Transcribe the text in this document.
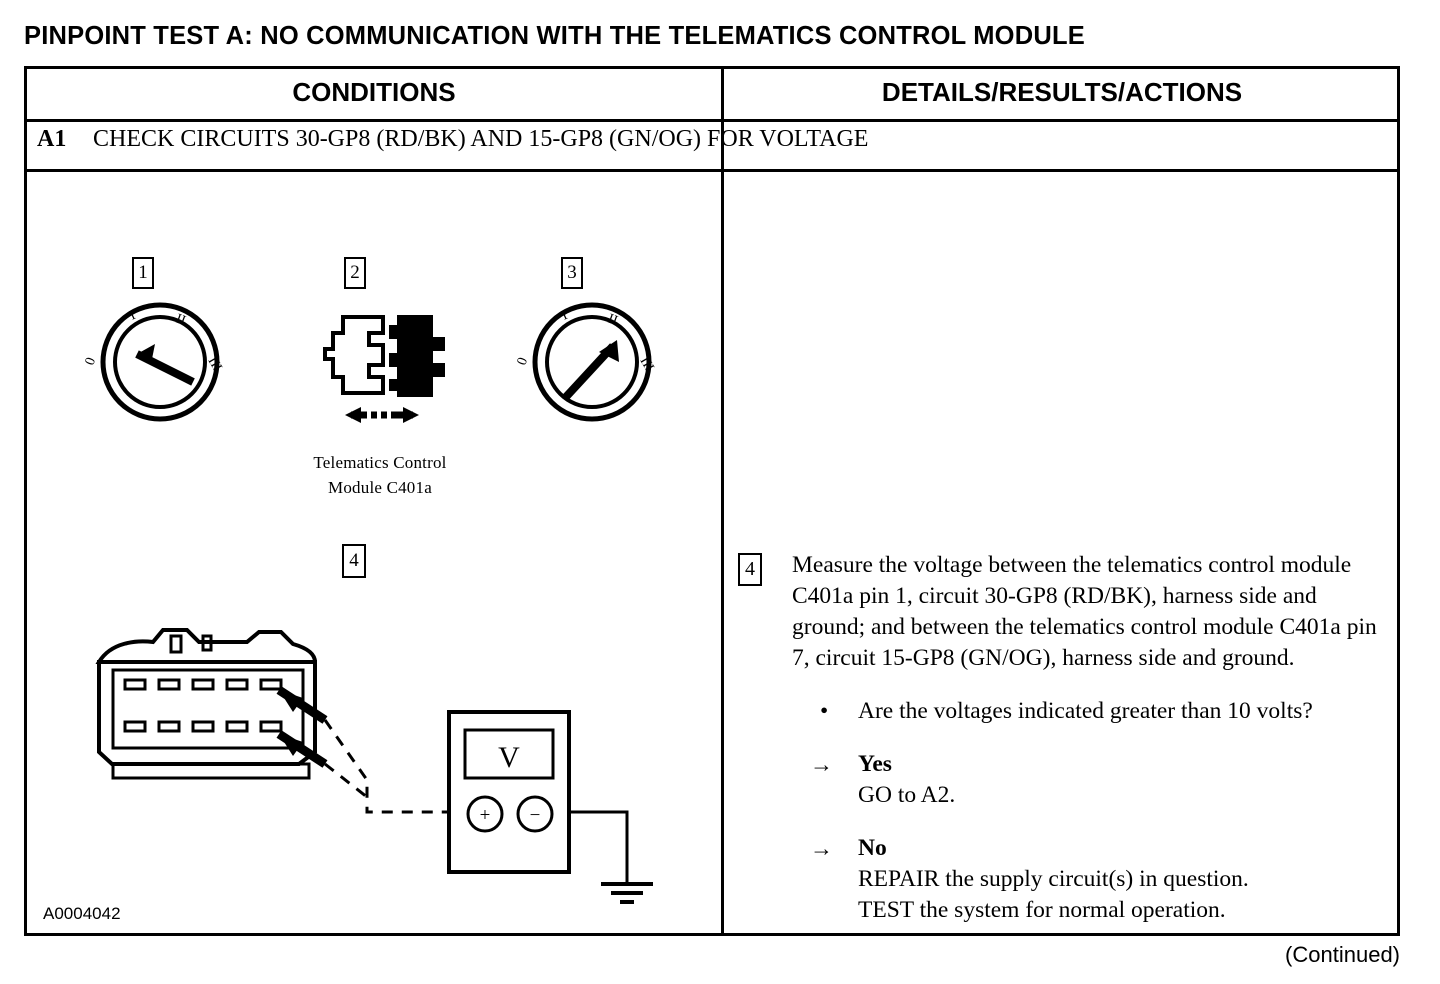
PINPOINT TEST A: NO COMMUNICATION WITH THE TELEMATICS CONTROL MODULE
CONDITIONS	DETAILS/RESULTS/ACTIONS
A1 CHECK CIRCUITS 30-GP8 (RD/BK) AND 15-GP8 (GN/OG) FOR VOLTAGE
1	2	3
0
I	II
III
Telematics Control
Module C401a
0
I	II
III
4
V
+ −
A0004042
4 Measure the voltage between the telematics control module C401a pin 1, circuit 30-GP8 (RD/BK), harness side and ground; and between the telematics control module C401a pin 7, circuit 15-GP8 (GN/OG), harness side and ground.
• Are the voltages indicated greater than 10 volts?
→ Yes
GO to A2.
→ No
REPAIR the supply circuit(s) in question.
TEST the system for normal operation.
(Continued)
